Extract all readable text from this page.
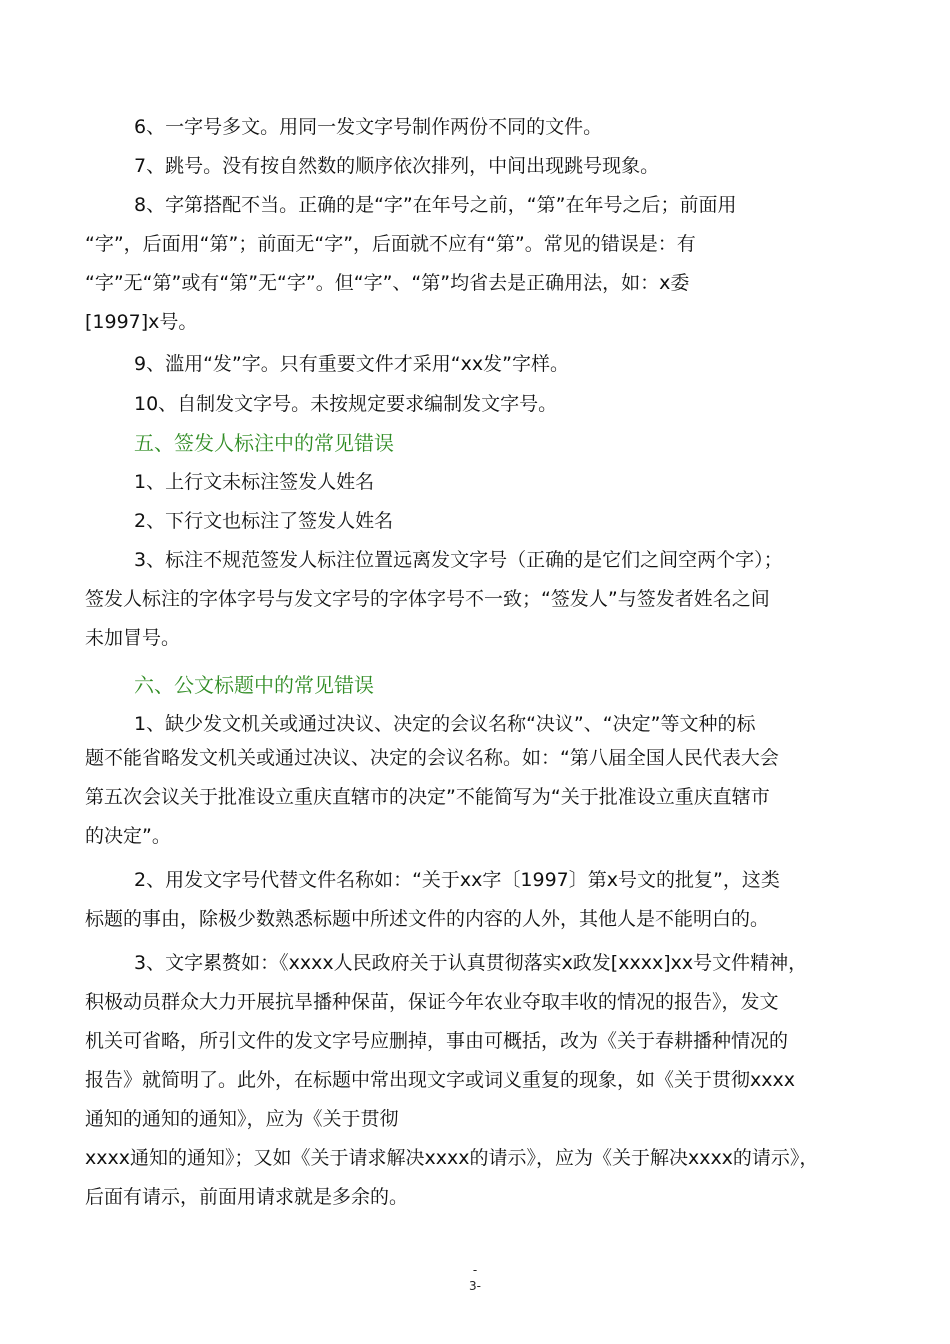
6、一字号多文。用同一发文字号制作两份不同的文件。
7、跳号。没有按自然数的顺序依次排列，中间出现跳号现象。
8、字第搭配不当。正确的是“字”在年号之前，“第”在年号之后；前面用
“字”，后面用“第”；前面无“字”，后面就不应有“第”。常见的错误是：有
“字”无“第”或有“第”无“字”。但“字”、“第”均省去是正确用法，如：x委
[1997]x号。
9、滥用“发”字。只有重要文件才采用“xx发”字样。
10、自制发文字号。未按规定要求编制发文字号。
五、签发人标注中的常见错误
1、上行文未标注签发人姓名
2、下行文也标注了签发人姓名
3、标注不规范签发人标注位置远离发文字号（正确的是它们之间空两个字）；
签发人标注的字体字号与发文字号的字体字号不一致；“签发人”与签发者姓名之间
未加冒号。
六、公文标题中的常见错误
1、缺少发文机关或通过决议、决定的会议名称“决议”、“决定”等文种的标
题不能省略发文机关或通过决议、决定的会议名称。如：“第八届全国人民代表大会
第五次会议关于批准设立重庆直辖市的决定”不能简写为“关于批准设立重庆直辖市
的决定”。
2、用发文字号代替文件名称如：“关于xx字〔1997〕第x号文的批复”，这类
标题的事由，除极少数熟悉标题中所述文件的内容的人外，其他人是不能明白的。
3、文字累赘如：《xxxx人民政府关于认真贯彻落实x政发[xxxx]xx号文件精神，
积极动员群众大力开展抗旱播种保苗，保证今年农业夺取丰收的情况的报告》，发文
机关可省略，所引文件的发文字号应删掉，事由可概括，改为《关于春耕播种情况的
报告》就简明了。此外，在标题中常出现文字或词义重复的现象，如《关于贯彻xxxx
通知的通知的通知》，应为《关于贯彻
xxxx通知的通知》；又如《关于请求解决xxxx的请示》，应为《关于解决xxxx的请示》，
后面有请示，前面用请求就是多余的。
-
3-
